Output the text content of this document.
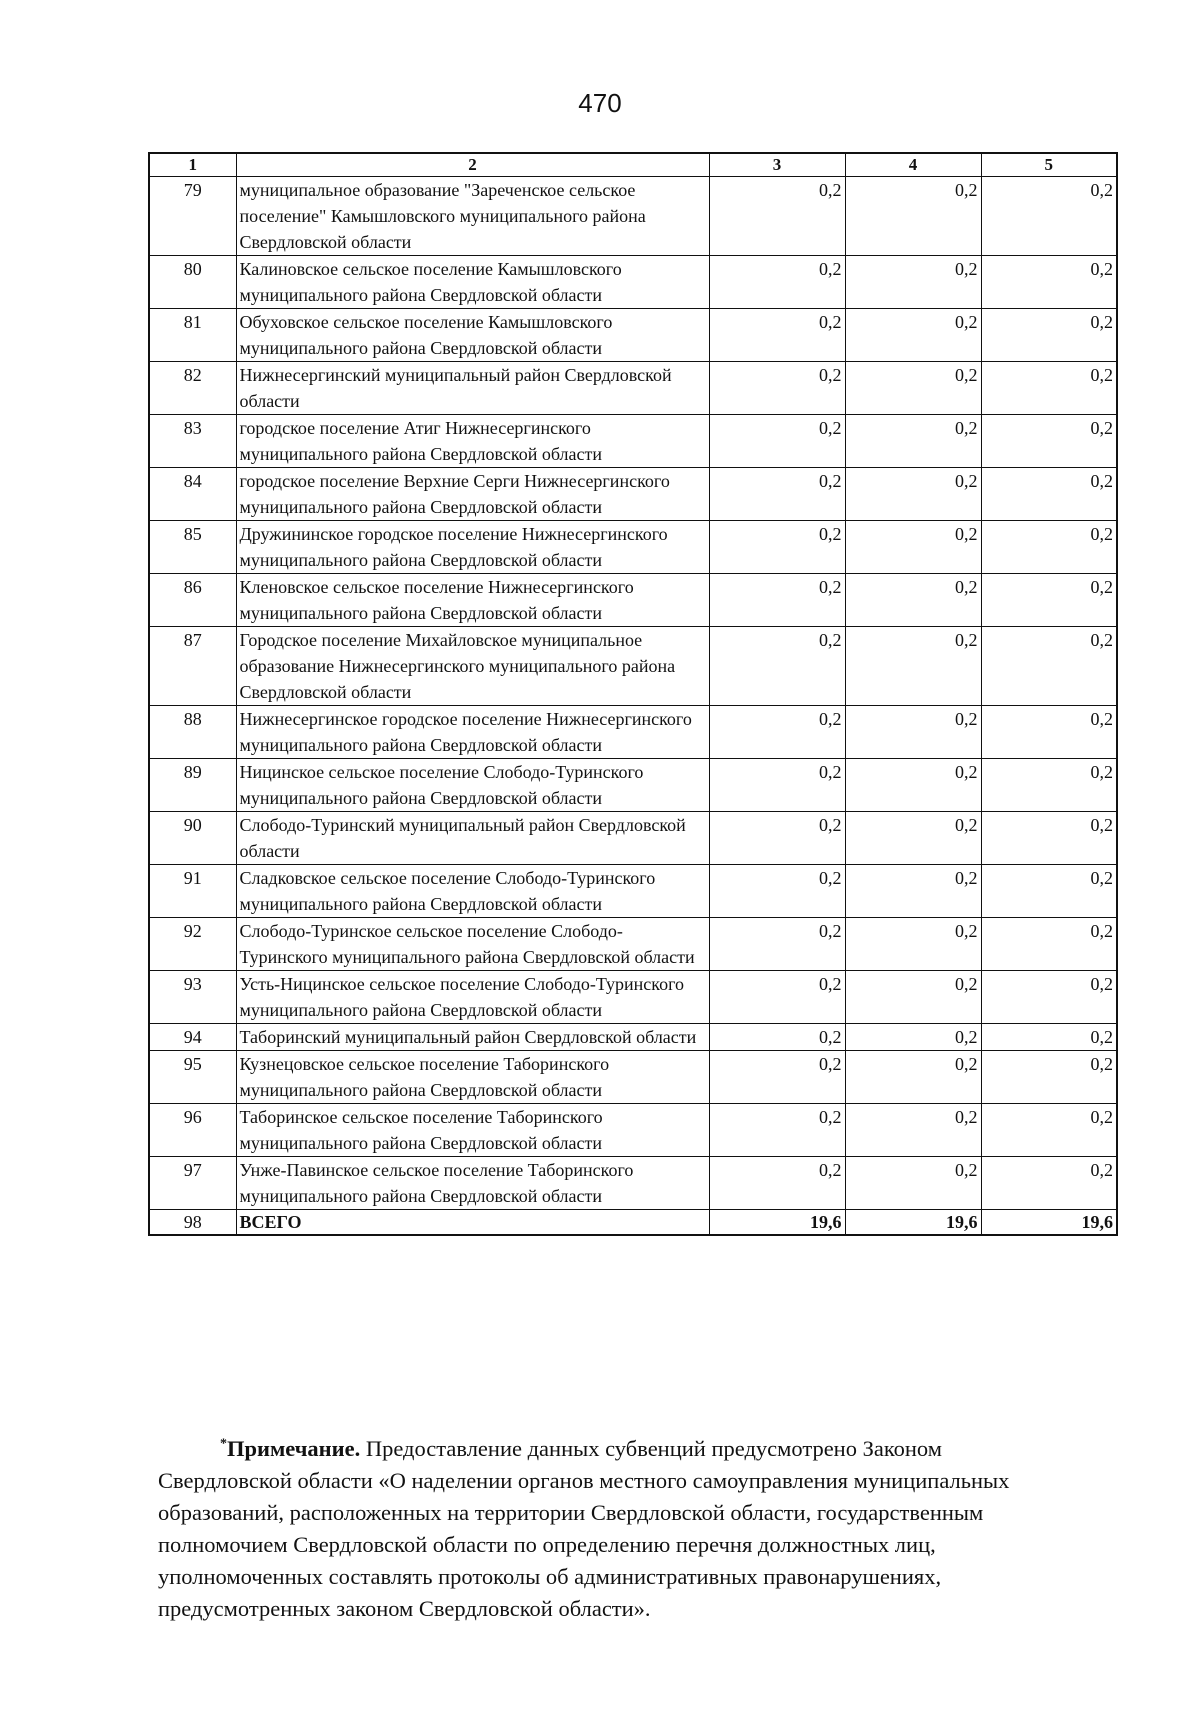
470
1	2	3	4	5
79	муниципальное образование "Зареченское сельское поселение" Камышловского муниципального района Свердловской области	0,2	0,2	0,2
80	Калиновское сельское поселение Камышловского муниципального района Свердловской области	0,2	0,2	0,2
81	Обуховское сельское поселение Камышловского муниципального района Свердловской области	0,2	0,2	0,2
82	Нижнесергинский муниципальный район Свердловской области	0,2	0,2	0,2
83	городское поселение Атиг Нижнесергинского муниципального района Свердловской области	0,2	0,2	0,2
84	городское поселение Верхние Серги Нижнесергинского муниципального района Свердловской области	0,2	0,2	0,2
85	Дружининское городское поселение Нижнесергинского муниципального района Свердловской области	0,2	0,2	0,2
86	Кленовское сельское поселение Нижнесергинского муниципального района Свердловской области	0,2	0,2	0,2
87	Городское поселение Михайловское муниципальное образование Нижнесергинского муниципального района Свердловской области	0,2	0,2	0,2
88	Нижнесергинское городское поселение Нижнесергинского муниципального района Свердловской области	0,2	0,2	0,2
89	Ницинское сельское поселение Слободо-Туринского муниципального района Свердловской области	0,2	0,2	0,2
90	Слободо-Туринский муниципальный район Свердловской области	0,2	0,2	0,2
91	Сладковское сельское поселение Слободо-Туринского муниципального района Свердловской области	0,2	0,2	0,2
92	Слободо-Туринское сельское поселение Слободо-Туринского муниципального района Свердловской области	0,2	0,2	0,2
93	Усть-Ницинское сельское поселение Слободо-Туринского муниципального района Свердловской области	0,2	0,2	0,2
94	Таборинский муниципальный район Свердловской области	0,2	0,2	0,2
95	Кузнецовское сельское поселение Таборинского муниципального района Свердловской области	0,2	0,2	0,2
96	Таборинское сельское поселение Таборинского муниципального района Свердловской области	0,2	0,2	0,2
97	Унже-Павинское сельское поселение Таборинского муниципального района Свердловской области	0,2	0,2	0,2
98	ВСЕГО	19,6	19,6	19,6
*Примечание. Предоставление данных субвенций предусмотрено Законом
Свердловской области «О наделении органов местного самоуправления муниципальных образований, расположенных на территории Свердловской области, государственным полномочием Свердловской области по определению перечня должностных лиц, уполномоченных составлять протоколы об административных правонарушениях, предусмотренных законом Свердловской области».
